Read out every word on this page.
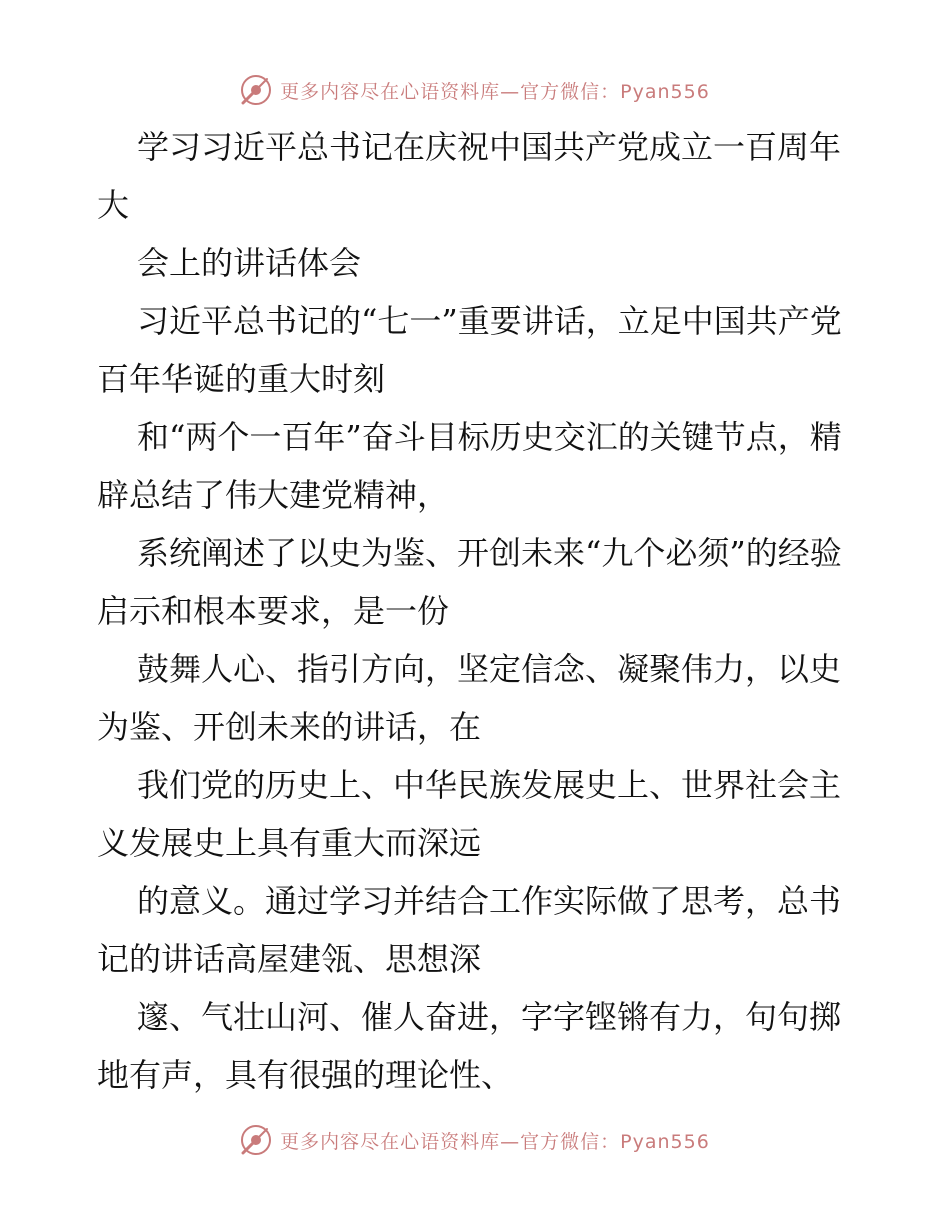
更多内容尽在心语资料库—官方微信：Pyan556

学习习近平总书记在庆祝中国共产党成立一百周年大

会上的讲话体会

习近平总书记的“七一”重要讲话，立足中国共产党百年华诞的重大时刻

和“两个一百年”奋斗目标历史交汇的关键节点，精辟总结了伟大建党精神，

系统阐述了以史为鉴、开创未来“九个必须”的经验启示和根本要求，是一份

鼓舞人心、指引方向，坚定信念、凝聚伟力，以史为鉴、开创未来的讲话，在

我们党的历史上、中华民族发展史上、世界社会主义发展史上具有重大而深远

的意义。通过学习并结合工作实际做了思考，总书记的讲话高屋建瓴、思想深

邃、气壮山河、催人奋进，字字铿锵有力，句句掷地有声，具有很强的理论性、

更多内容尽在心语资料库—官方微信：Pyan556
